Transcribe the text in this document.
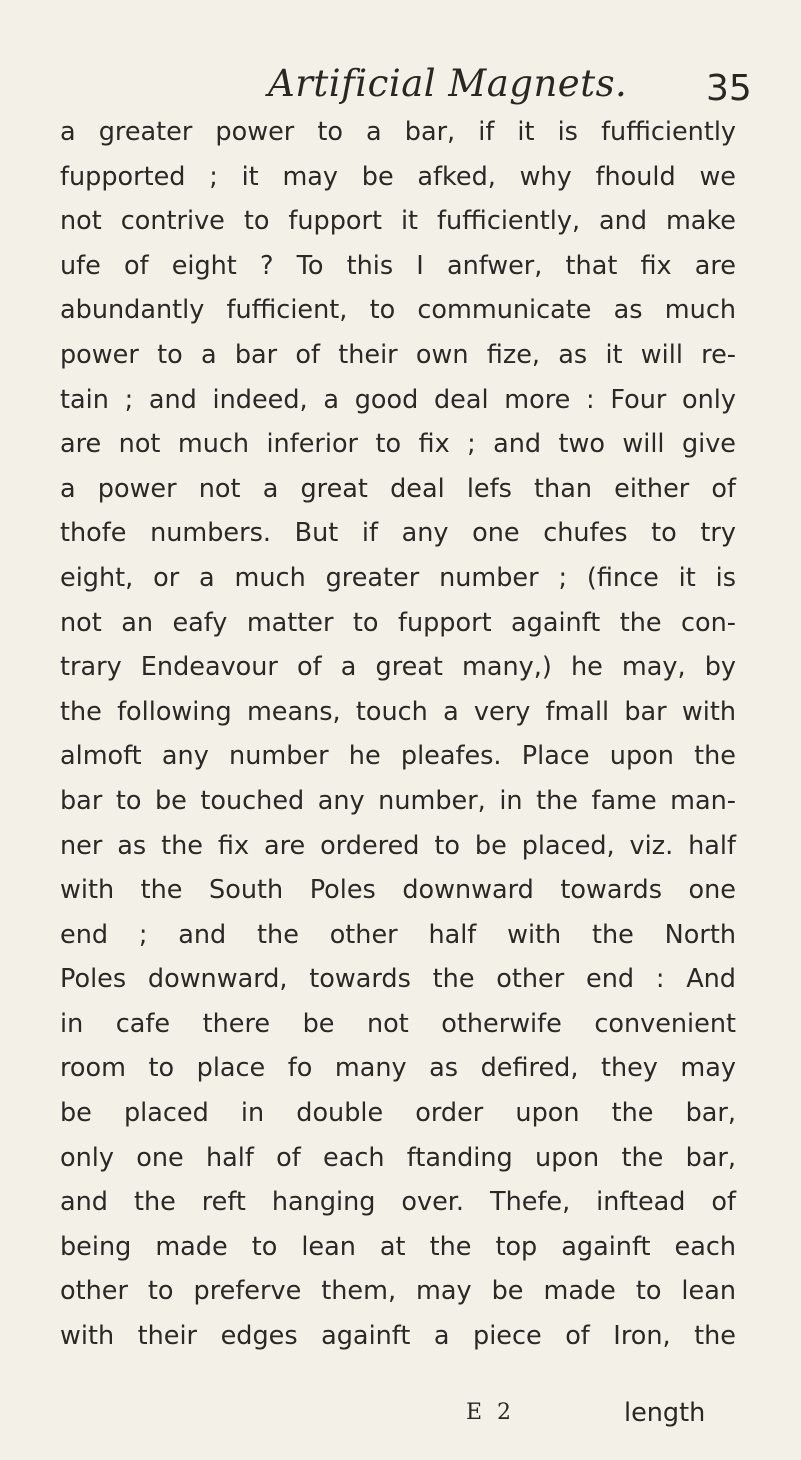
Artificial Magnets. 35
a greater power to a bar, if it is fufficiently
fupported ; it may be afked, why fhould we
not contrive to fupport it fufficiently, and make
ufe of eight ? To this I anfwer, that fix are
abundantly fufficient, to communicate as much
power to a bar of their own fize, as it will re-
tain ; and indeed, a good deal more : Four only
are not much inferior to fix ; and two will give
a power not a great deal lefs than either of
thofe numbers. But if any one chufes to try
eight, or a much greater number ; (fince it is
not an eafy matter to fupport againft the con-
trary Endeavour of a great many,) he may, by
the following means, touch a very fmall bar with
almoft any number he pleafes. Place upon the
bar to be touched any number, in the fame man-
ner as the fix are ordered to be placed, viz. half
with the South Poles downward towards one
end ; and the other half with the North
Poles downward, towards the other end : And
in cafe there be not otherwife convenient
room to place fo many as defired, they may
be placed in double order upon the bar,
only one half of each ftanding upon the bar,
and the reft hanging over. Thefe, inftead of
being made to lean at the top againft each
other to preferve them, may be made to lean
with their edges againft a piece of Iron, the
E 2	length
